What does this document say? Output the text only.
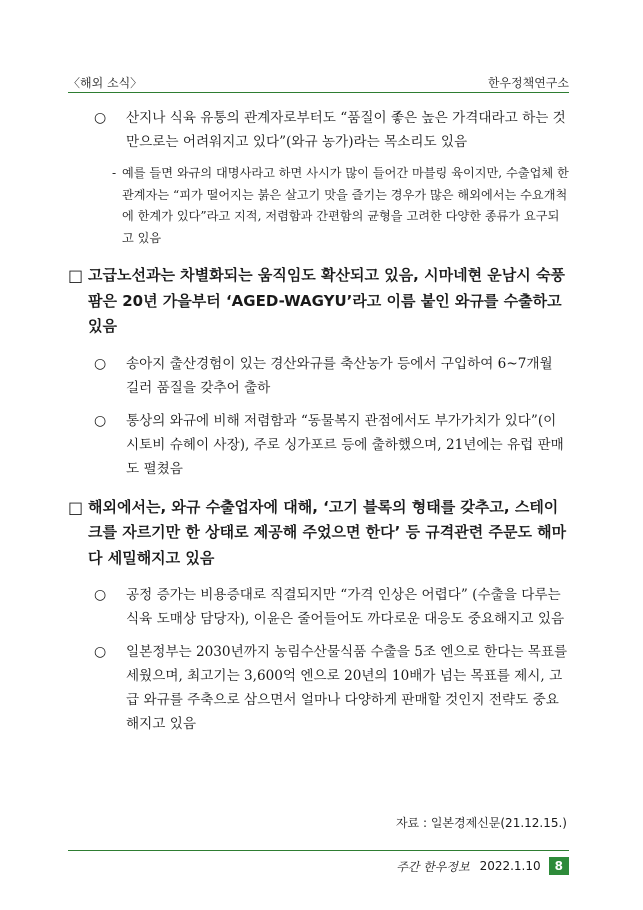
〈해외 소식〉	한우정책연구소
○ 산지나 식육 유통의 관계자로부터도 “품질이 좋은 높은 가격대라고 하는 것만으로는 어려워지고 있다”(와규 농가)라는 목소리도 있음
- 예를 들면 와규의 대명사라고 하면 사시가 많이 들어간 마블링 육이지만, 수출업체 한 관계자는 “피가 떨어지는 붉은 살고기 맛을 즐기는 경우가 많은 해외에서는 수요개척에 한계가 있다”라고 지적, 저렴함과 간편함의 균형을 고려한 다양한 종류가 요구되고 있음
□ 고급노선과는 차별화되는 움직임도 확산되고 있음, 시마네현 운남시 숙풍팜은 20년 가을부터 ‘AGED-WAGYU’라고 이름 붙인 와규를 수출하고 있음
○ 송아지 출산경험이 있는 경산와규를 축산농가 등에서 구입하여 6~7개월 길러 품질을 갖추어 출하
○ 통상의 와규에 비해 저렴함과 “동물복지 관점에서도 부가가치가 있다”(이시토비 슈헤이 사장), 주로 싱가포르 등에 출하했으며, 21년에는 유럽 판매도 펼쳤음
□ 해외에서는, 와규 수출업자에 대해, ‘고기 블록의 형태를 갖추고, 스테이크를 자르기만 한 상태로 제공해 주었으면 한다’ 등 규격관련 주문도 해마다 세밀해지고 있음
○ 공정 증가는 비용증대로 직결되지만 “가격 인상은 어렵다” (수출을 다루는 식육 도매상 담당자), 이윤은 줄어들어도 까다로운 대응도 중요해지고 있음
○ 일본정부는 2030년까지 농림수산물식품 수출을 5조 엔으로 한다는 목표를 세웠으며, 최고기는 3,600억 엔으로 20년의 10배가 넘는 목표를 제시, 고급 와규를 주축으로 삼으면서 얼마나 다양하게 판매할 것인지 전략도 중요해지고 있음
자료 : 일본경제신문(21.12.15.)
주간 한우정보 2022.1.10	8
